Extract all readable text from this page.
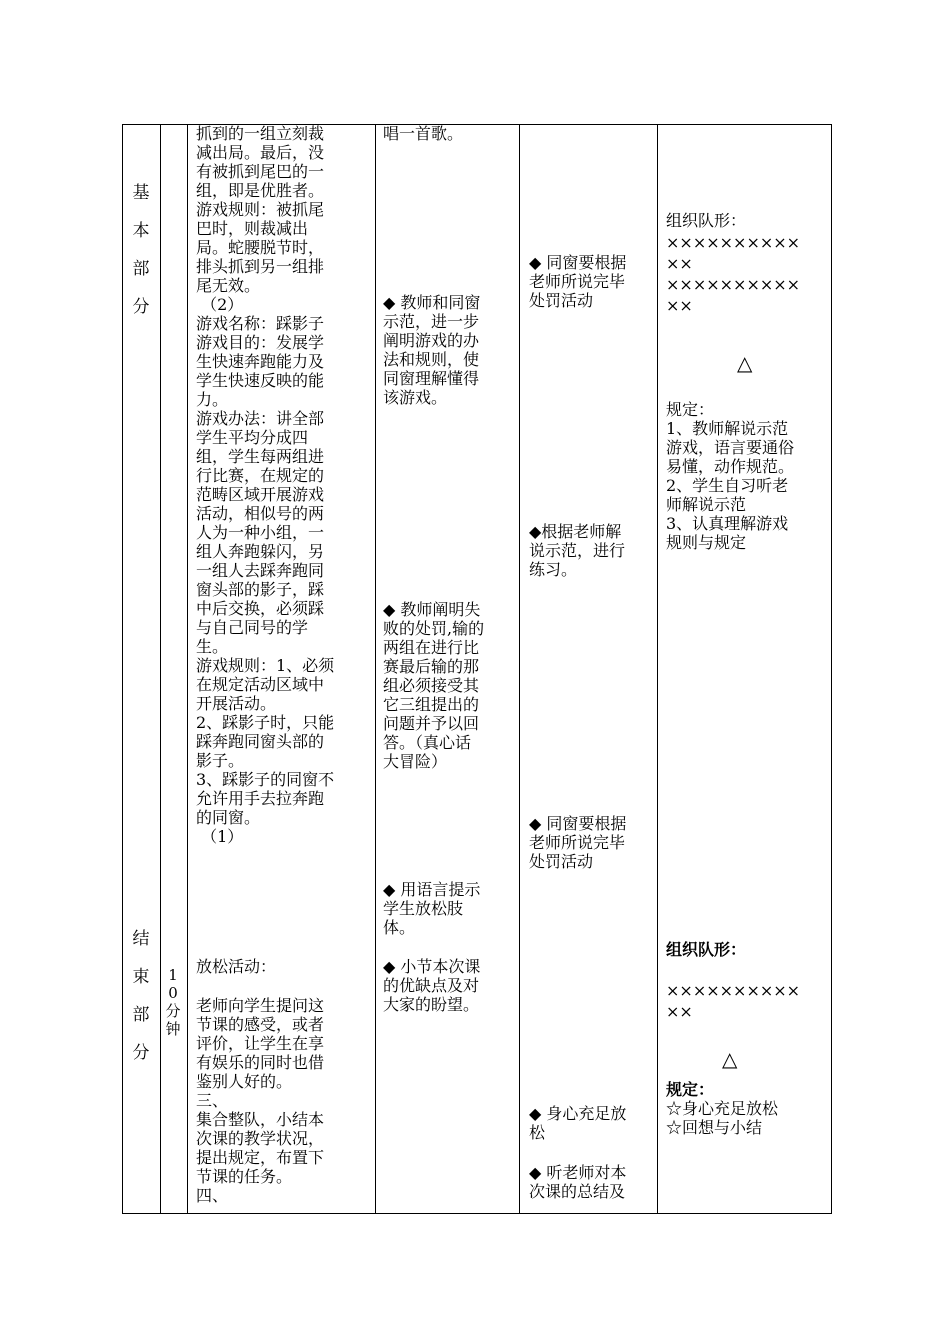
基
本
部
分
结
束
部
分
1
0
分
钟
抓到的一组立刻裁
减出局。最后，没
有被抓到尾巴的一
组，即是优胜者。
游戏规则：被抓尾
巴时，则裁减出
局。蛇腰脱节时，
排头抓到另一组排
尾无效。
（2）
游戏名称：踩影子
游戏目的：发展学
生快速奔跑能力及
学生快速反映的能
力。
游戏办法：讲全部
学生平均分成四
组，学生每两组进
行比赛，在规定的
范畴区域开展游戏
活动，相似号的两
人为一种小组，一
组人奔跑躲闪，另
一组人去踩奔跑同
窗头部的影子，踩
中后交换，必须踩
与自己同号的学
生。
游戏规则：1、必须
在规定活动区域中
开展活动。
2、踩影子时，只能
踩奔跑同窗头部的
影子。
3、踩影子的同窗不
允许用手去拉奔跑
的同窗。
（1）
放松活动：
老师向学生提问这
节课的感受，或者
评价，让学生在享
有娱乐的同时也借
鉴别人好的。
三、
集合整队，小结本
次课的教学状况，
提出规定，布置下
节课的任务。
四、
唱一首歌。
◆ 教师和同窗
示范，进一步
阐明游戏的办
法和规则，使
同窗理解懂得
该游戏。
◆ 教师阐明失
败的处罚,输的
两组在进行比
赛最后输的那
组必须接受其
它三组提出的
问题并予以回
答。（真心话
大冒险）
◆ 用语言提示
学生放松肢
体。
◆ 小节本次课
的优缺点及对
大家的盼望。
◆ 同窗要根据
老师所说完毕
处罚活动
◆根据老师解
说示范，进行
练习。
◆ 同窗要根据
老师所说完毕
处罚活动
◆ 身心充足放
松
◆ 听老师对本
次课的总结及
组织队形：
××××××××××
××
××××××××××
××
△
规定：
1、教师解说示范
游戏，语言要通俗
易懂，动作规范。
2、学生自习听老
师解说示范
3、认真理解游戏
规则与规定
组织队形：
××××××××××
××
△
规定：
☆身心充足放松
☆回想与小结
